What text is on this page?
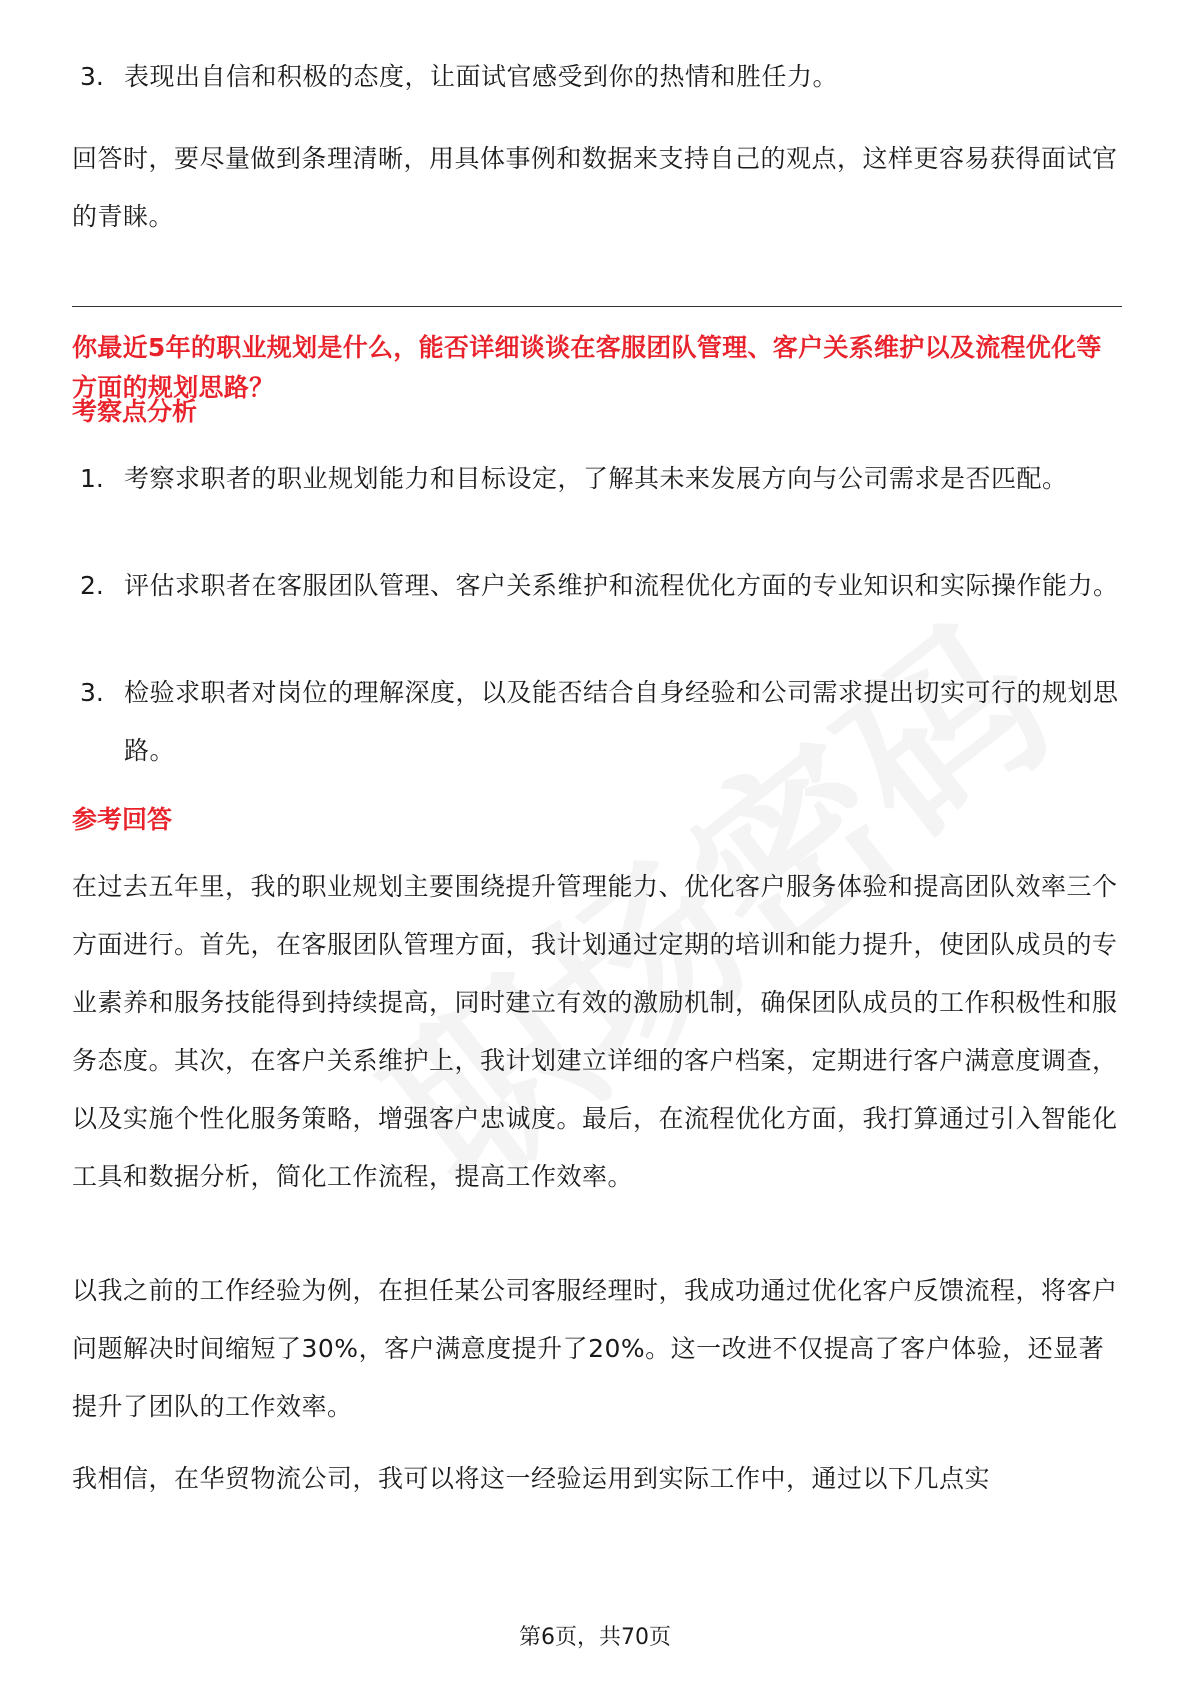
3. 表现出自信和积极的态度，让面试官感受到你的热情和胜任力。
回答时，要尽量做到条理清晰，用具体事例和数据来支持自己的观点，这样更容易获得面试官的青睐。
你最近5年的职业规划是什么，能否详细谈谈在客服团队管理、客户关系维护以及流程优化等方面的规划思路？
考察点分析
1. 考察求职者的职业规划能力和目标设定，了解其未来发展方向与公司需求是否匹配。
2. 评估求职者在客服团队管理、客户关系维护和流程优化方面的专业知识和实际操作能力。
3. 检验求职者对岗位的理解深度，以及能否结合自身经验和公司需求提出切实可行的规划思路。
参考回答
在过去五年里，我的职业规划主要围绕提升管理能力、优化客户服务体验和提高团队效率三个方面进行。首先，在客服团队管理方面，我计划通过定期的培训和能力提升，使团队成员的专业素养和服务技能得到持续提高，同时建立有效的激励机制，确保团队成员的工作积极性和服务态度。其次，在客户关系维护上，我计划建立详细的客户档案，定期进行客户满意度调查，以及实施个性化服务策略，增强客户忠诚度。最后，在流程优化方面，我打算通过引入智能化工具和数据分析，简化工作流程，提高工作效率。
以我之前的工作经验为例，在担任某公司客服经理时，我成功通过优化客户反馈流程，将客户问题解决时间缩短了30%，客户满意度提升了20%。这一改进不仅提高了客户体验，还显著提升了团队的工作效率。
我相信，在华贸物流公司，我可以将这一经验运用到实际工作中，通过以下几点实
第6页，共70页
